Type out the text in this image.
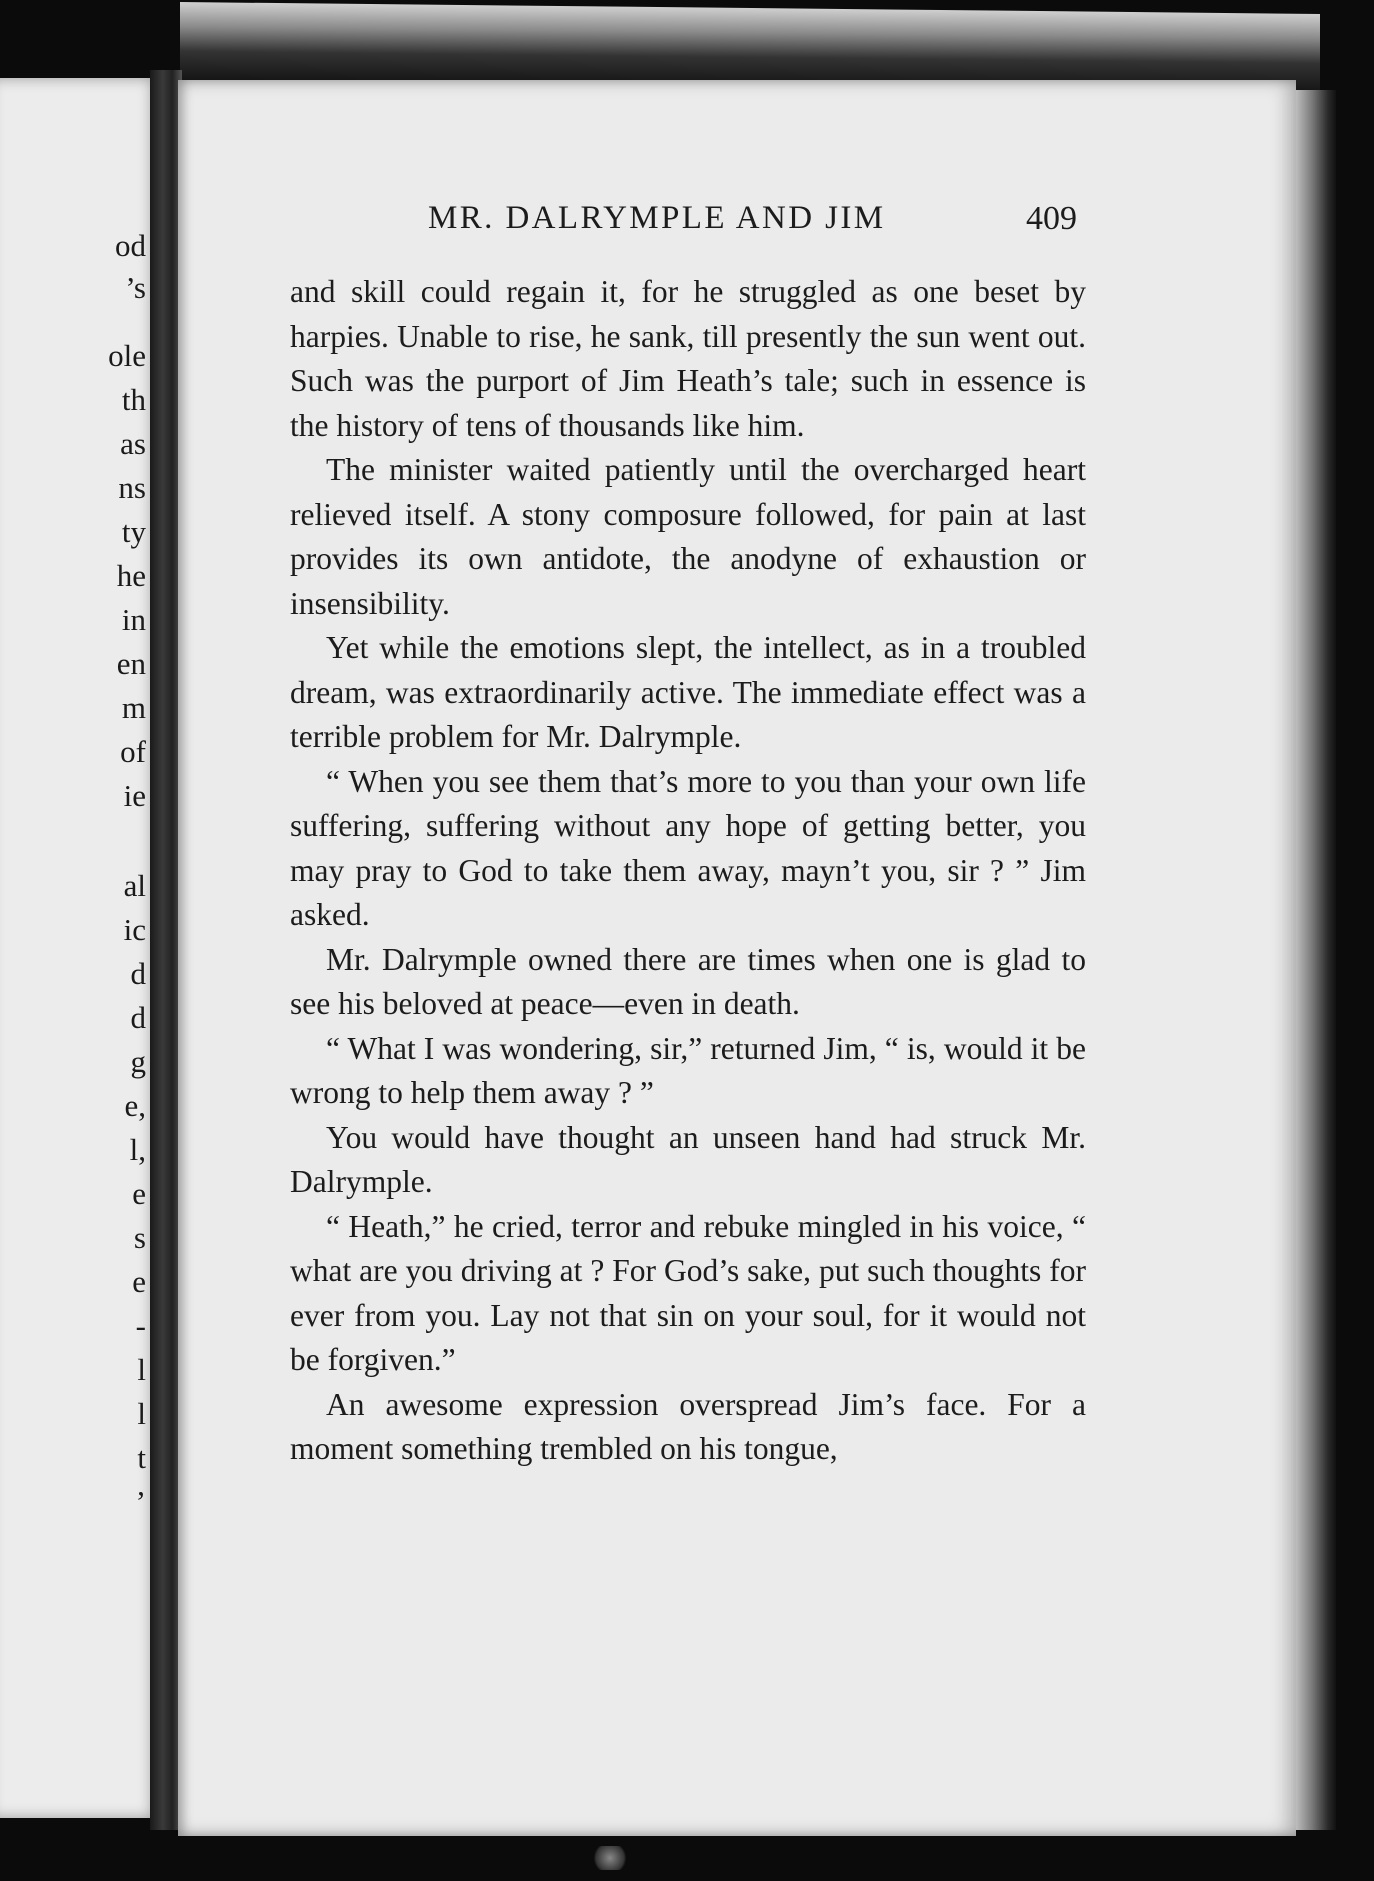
od
’s
ole
th
as
ns
ty
he
in
en
m
of
ie
al
ic
d
d
g
e,
l,
e
s
e
-
l
l
t
’
MR. DALRYMPLE AND JIM	409

and skill could regain it, for he struggled as one beset by harpies. Unable to rise, he sank, till presently the sun went out. Such was the purport of Jim Heath’s tale; such in essence is the history of tens of thousands like him.

The minister waited patiently until the overcharged heart relieved itself. A stony composure followed, for pain at last provides its own antidote, the anodyne of exhaustion or insensibility.

Yet while the emotions slept, the intellect, as in a troubled dream, was extraordinarily active. The immediate effect was a terrible problem for Mr. Dalrymple.

“ When you see them that’s more to you than your own life suffering, suffering without any hope of getting better, you may pray to God to take them away, mayn’t you, sir ? ” Jim asked.

Mr. Dalrymple owned there are times when one is glad to see his beloved at peace—even in death.

“ What I was wondering, sir,” returned Jim, “ is, would it be wrong to help them away ? ”

You would have thought an unseen hand had struck Mr. Dalrymple.

“ Heath,” he cried, terror and rebuke mingled in his voice, “ what are you driving at ? For God’s sake, put such thoughts for ever from you. Lay not that sin on your soul, for it would not be forgiven.”

An awesome expression overspread Jim’s face. For a moment something trembled on his tongue,
